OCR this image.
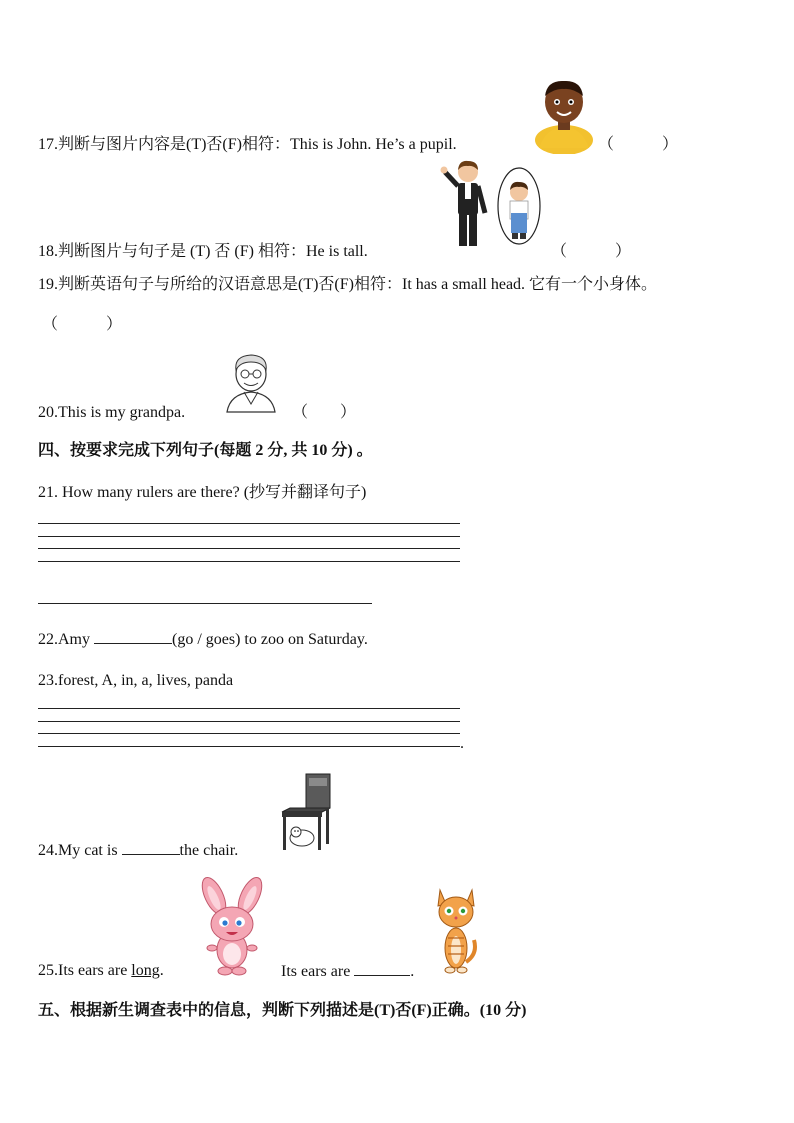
17.判断与图片内容是(T)否(F)相符：This is John. He’s a pupil.	（　　　）
18.判断图片与句子是 (T) 否 (F) 相符：He is tall.	（　　　）
19.判断英语句子与所给的汉语意思是(T)否(F)相符：It has a small head. 它有一个小身体。
（　　　）
20.This is my grandpa.	（　　）
四、按要求完成下列句子(每题 2 分, 共 10 分) 。
21. How many rulers are there? (抄写并翻译句子)
22.Amy	(go / goes) to zoo on Saturday.
23.forest, A, in, a, lives, panda
.
24.My cat is	the chair.
25.Its ears are long.	Its ears are	.
五、根据新生调查表中的信息，判断下列描述是(T)否(F)正确。(10 分)
